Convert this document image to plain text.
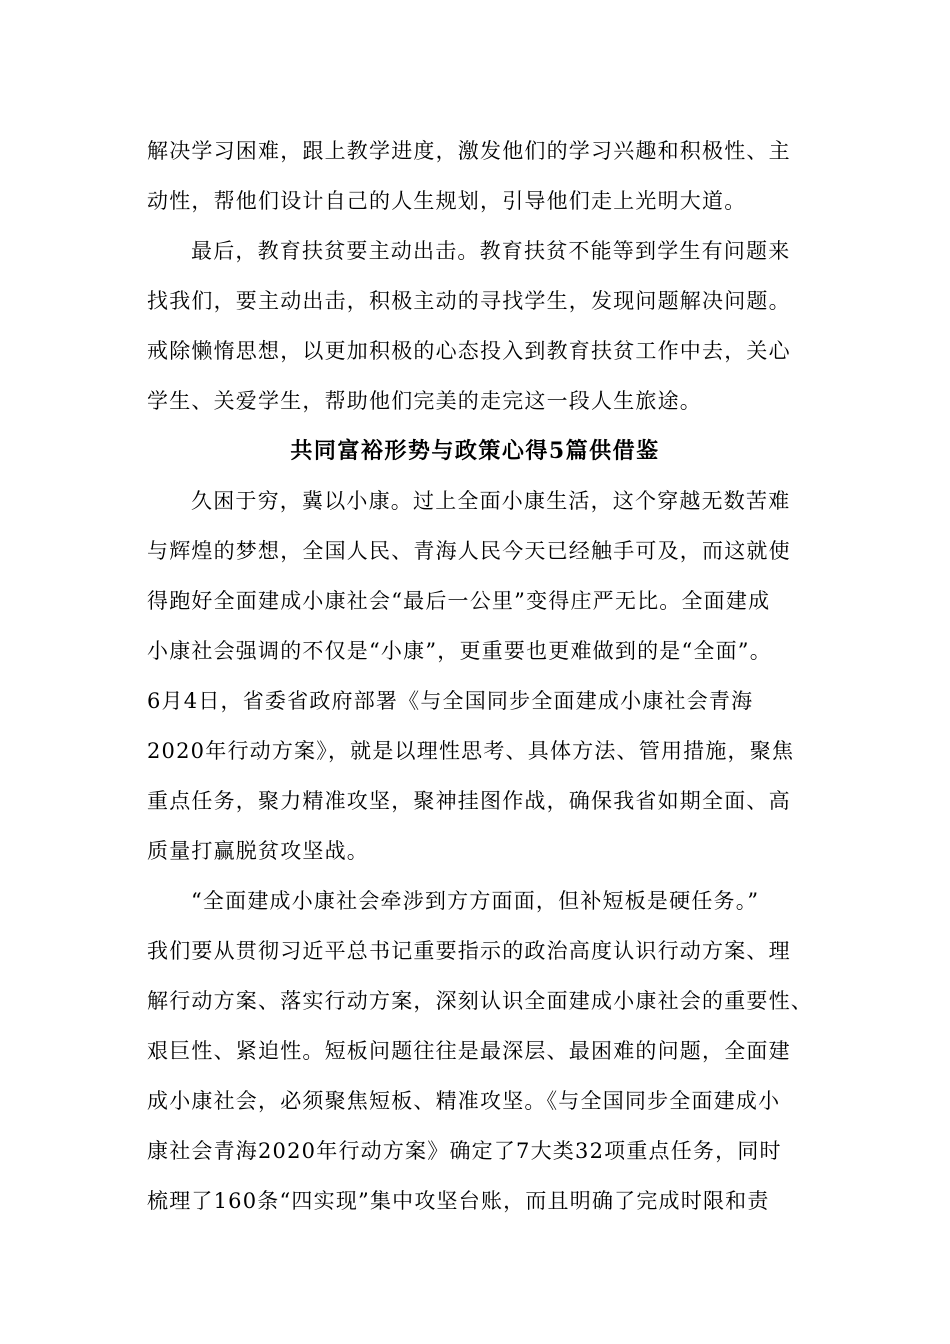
解决学习困难，跟上教学进度，激发他们的学习兴趣和积极性、主
动性，帮他们设计自己的人生规划，引导他们走上光明大道。
最后，教育扶贫要主动出击。教育扶贫不能等到学生有问题来
找我们，要主动出击，积极主动的寻找学生，发现问题解决问题。
戒除懒惰思想，以更加积极的心态投入到教育扶贫工作中去，关心
学生、关爱学生，帮助他们完美的走完这一段人生旅途。
共同富裕形势与政策心得5篇供借鉴
久困于穷，冀以小康。过上全面小康生活，这个穿越无数苦难
与辉煌的梦想，全国人民、青海人民今天已经触手可及，而这就使
得跑好全面建成小康社会“最后一公里”变得庄严无比。全面建成
小康社会强调的不仅是“小康”，更重要也更难做到的是“全面”。
6月4日，省委省政府部署《与全国同步全面建成小康社会青海
2020年行动方案》，就是以理性思考、具体方法、管用措施，聚焦
重点任务，聚力精准攻坚，聚神挂图作战，确保我省如期全面、高
质量打赢脱贫攻坚战。
“全面建成小康社会牵涉到方方面面，但补短板是硬任务。”
我们要从贯彻习近平总书记重要指示的政治高度认识行动方案、理
解行动方案、落实行动方案，深刻认识全面建成小康社会的重要性、
艰巨性、紧迫性。短板问题往往是最深层、最困难的问题，全面建
成小康社会，必须聚焦短板、精准攻坚。《与全国同步全面建成小
康社会青海2020年行动方案》确定了7大类32项重点任务，同时
梳理了160条“四实现”集中攻坚台账，而且明确了完成时限和责
